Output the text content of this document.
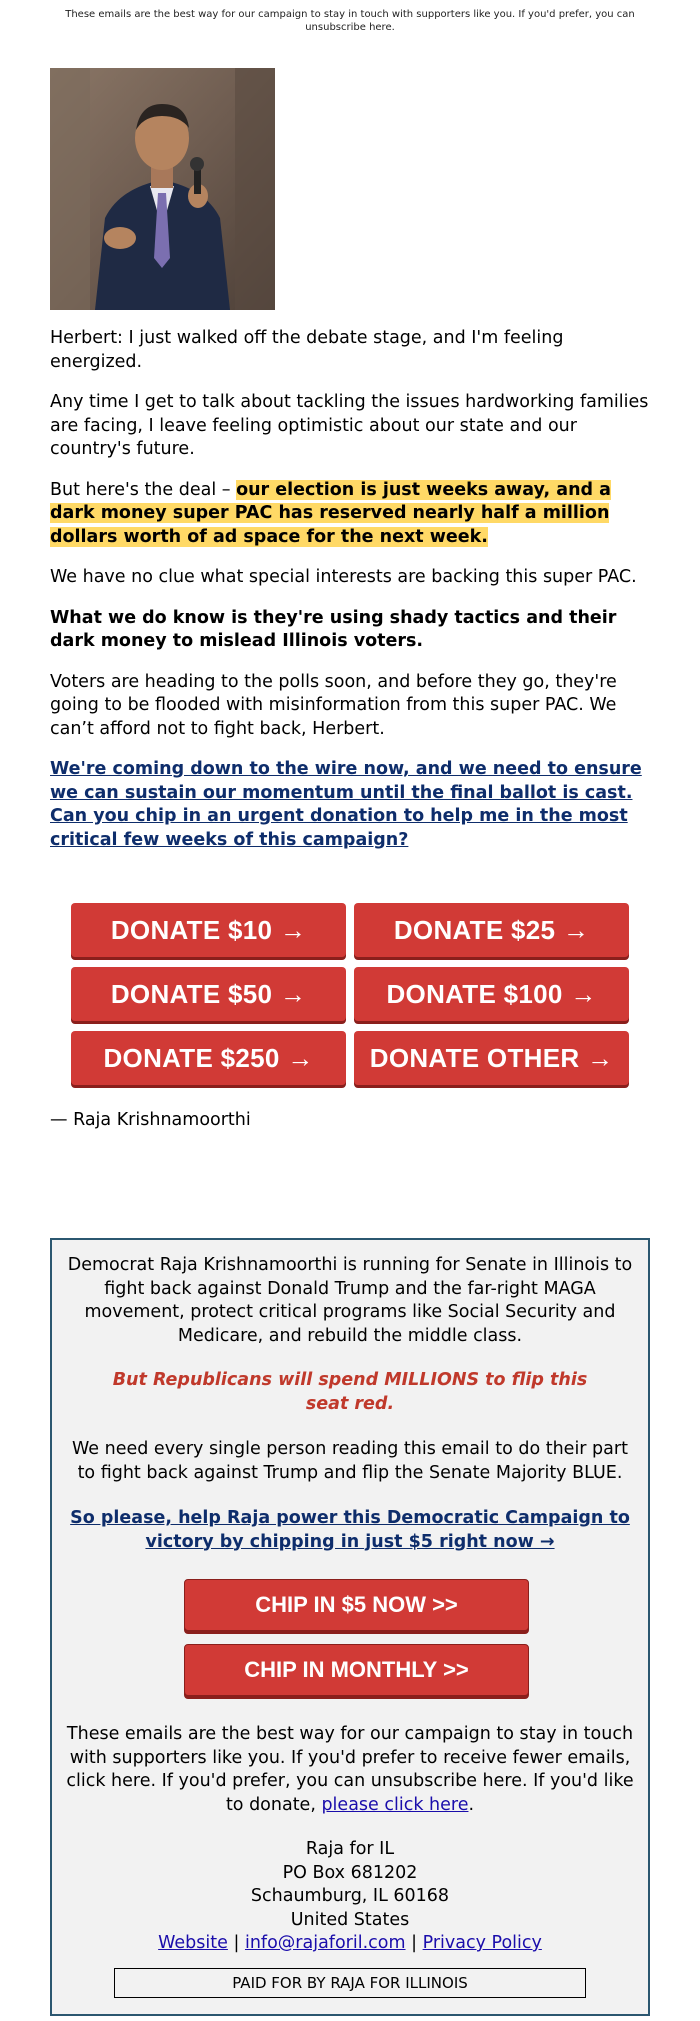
These emails are the best way for our campaign to stay in touch with supporters like you. If you'd prefer, you can unsubscribe here.

Herbert: I just walked off the debate stage, and I'm feeling energized.

Any time I get to talk about tackling the issues hardworking families are facing, I leave feeling optimistic about our state and our country's future.

But here's the deal – our election is just weeks away, and a dark money super PAC has reserved nearly half a million dollars worth of ad space for the next week.

We have no clue what special interests are backing this super PAC.

What we do know is they're using shady tactics and their dark money to mislead Illinois voters.

Voters are heading to the polls soon, and before they go, they're going to be flooded with misinformation from this super PAC. We can’t afford not to fight back, Herbert.

We're coming down to the wire now, and we need to ensure we can sustain our momentum until the final ballot is cast. Can you chip in an urgent donation to help me in the most critical few weeks of this campaign?

DONATE $10 →	DONATE $25 →
DONATE $50 →	DONATE $100 →
DONATE $250 →	DONATE OTHER →
— Raja Krishnamoorthi
Democrat Raja Krishnamoorthi is running for Senate in Illinois to fight back against Donald Trump and the far-right MAGA movement, protect critical programs like Social Security and Medicare, and rebuild the middle class.
But Republicans will spend MILLIONS to flip this seat red.
We need every single person reading this email to do their part to fight back against Trump and flip the Senate Majority BLUE.
So please, help Raja power this Democratic Campaign to victory by chipping in just $5 right now →
CHIP IN $5 NOW >>
CHIP IN MONTHLY >>
These emails are the best way for our campaign to stay in touch with supporters like you. If you'd prefer to receive fewer emails, click here. If you'd prefer, you can unsubscribe here. If you'd like to donate, please click here.
Raja for IL
PO Box 681202
Schaumburg, IL 60168
United States
Website | info@rajaforil.com | Privacy Policy
PAID FOR BY RAJA FOR ILLINOIS
